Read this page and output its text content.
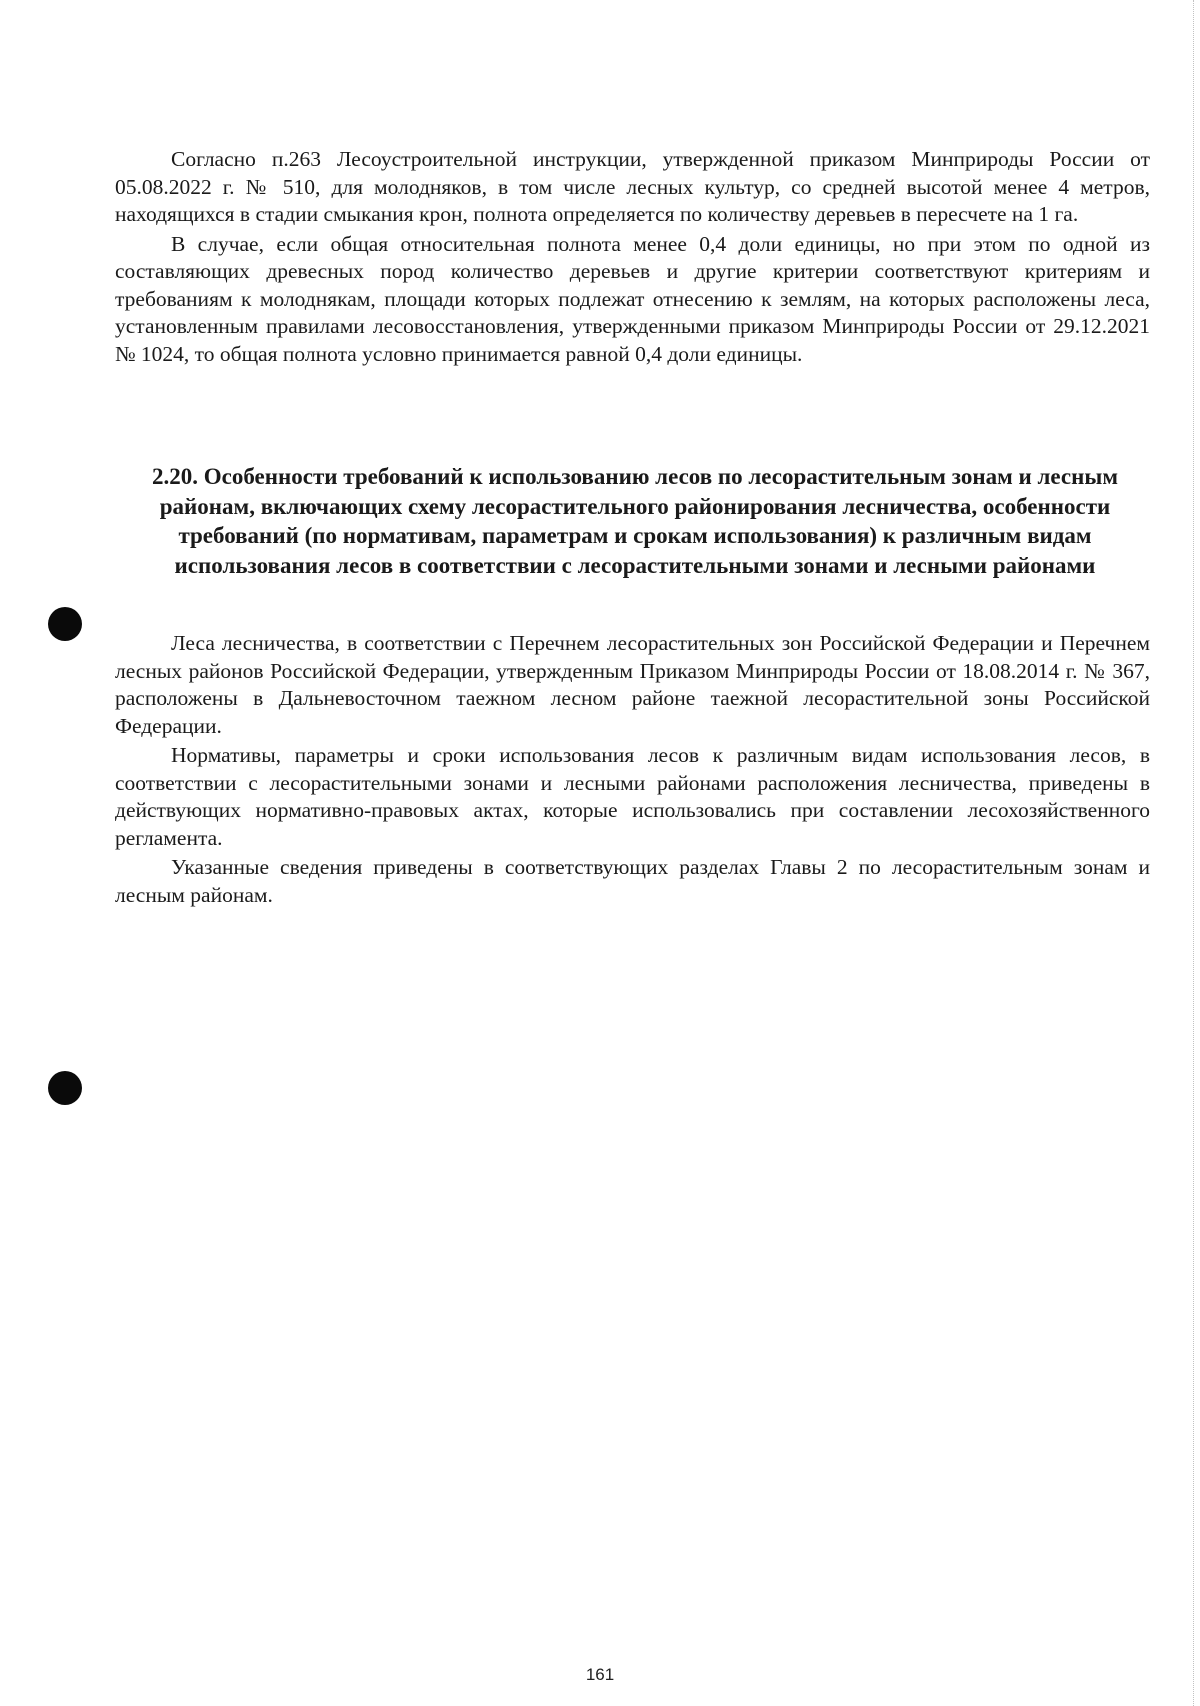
Согласно п.263 Лесоустроительной инструкции, утвержденной приказом Минприроды России от 05.08.2022 г. № 510, для молодняков, в том числе лесных культур, со средней высотой менее 4 метров, находящихся в стадии смыкания крон, полнота определяется по количеству деревьев в пересчете на 1 га.

В случае, если общая относительная полнота менее 0,4 доли единицы, но при этом по одной из составляющих древесных пород количество деревьев и другие критерии соответствуют критериям и требованиям к молоднякам, площади которых подлежат отнесению к землям, на которых расположены леса, установленным правилами лесовосстановления, утвержденными приказом Минприроды России от 29.12.2021 № 1024, то общая полнота условно принимается равной 0,4 доли единицы.

2.20. Особенности требований к использованию лесов по лесорастительным зонам и лесным районам, включающих схему лесорастительного районирования лесничества, особенности требований (по нормативам, параметрам и срокам использования) к различным видам использования лесов в соответствии с лесорастительными зонами и лесными районами

Леса лесничества, в соответствии с Перечнем лесорастительных зон Российской Федерации и Перечнем лесных районов Российской Федерации, утвержденным Приказом Минприроды России от 18.08.2014 г. № 367, расположены в Дальневосточном таежном лесном районе таежной лесорастительной зоны Российской Федерации.

Нормативы, параметры и сроки использования лесов к различным видам использования лесов, в соответствии с лесорастительными зонами и лесными районами расположения лесничества, приведены в действующих нормативно-правовых актах, которые использовались при составлении лесохозяйственного регламента.

Указанные сведения приведены в соответствующих разделах Главы 2 по лесорастительным зонам и лесным районам.

161
